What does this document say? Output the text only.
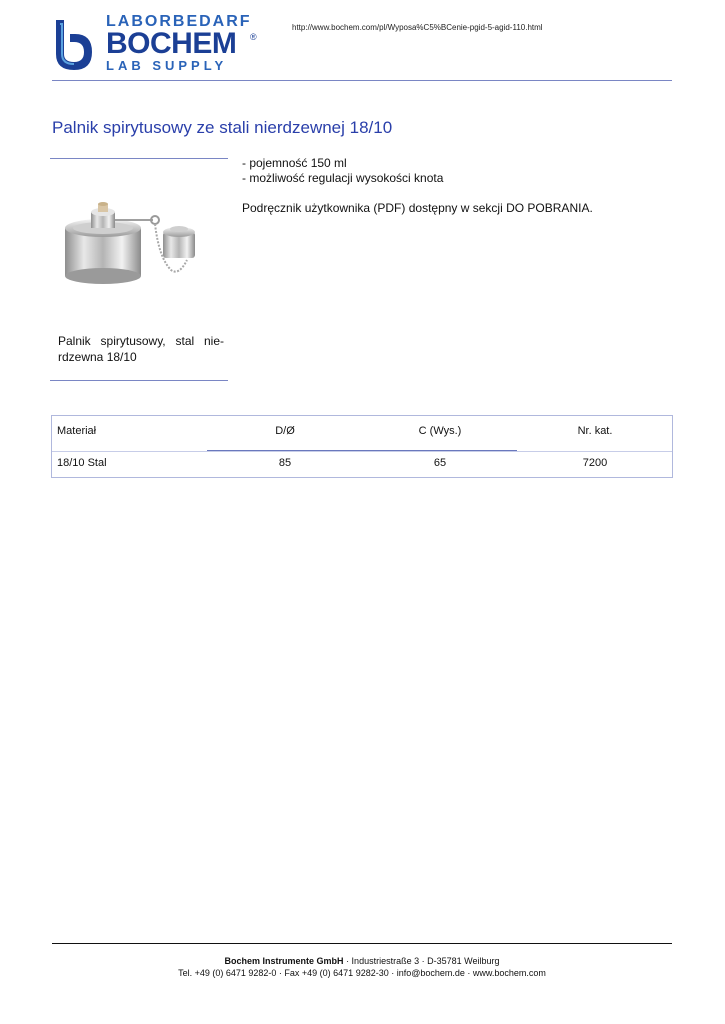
LABORBEDARF
BOCHEM ®
LAB SUPPLY
http://www.bochem.com/pl/Wyposa%C5%BCenie-pgid-5-agid-110.html
Palnik spirytusowy ze stali nierdzewnej 18/10
Palnik spirytusowy, stal nie-rdzewna 18/10
- pojemność 150 ml
- możliwość regulacji wysokości knota

Podręcznik użytkownika (PDF) dostępny w sekcji DO POBRANIA.

Materiał	D/Ø	C (Wys.)	Nr. kat.
18/10 Stal	85	65	7200
Bochem Instrumente GmbH · Industriestraße 3 · D-35781 Weilburg
Tel. +49 (0) 6471 9282-0 · Fax +49 (0) 6471 9282-30 · info@bochem.de · www.bochem.com
